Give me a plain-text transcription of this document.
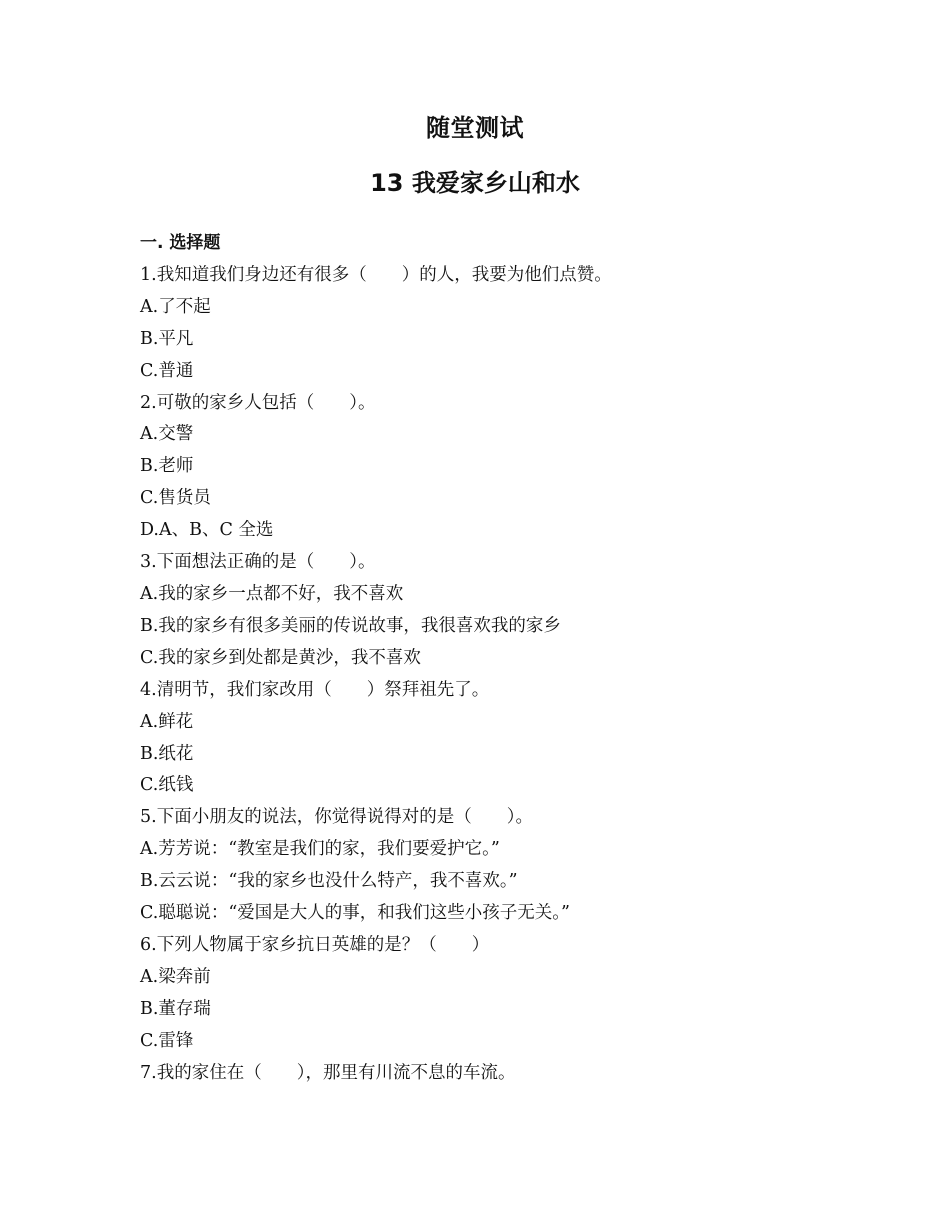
随堂测试
13 我爱家乡山和水
一. 选择题
1.我知道我们身边还有很多（　　）的人，我要为他们点赞。
A.了不起
B.平凡
C.普通
2.可敬的家乡人包括（　　）。
A.交警
B.老师
C.售货员
D.A、B、C 全选
3.下面想法正确的是（　　）。
A.我的家乡一点都不好，我不喜欢
B.我的家乡有很多美丽的传说故事，我很喜欢我的家乡
C.我的家乡到处都是黄沙，我不喜欢
4.清明节，我们家改用（　　）祭拜祖先了。
A.鲜花
B.纸花
C.纸钱
5.下面小朋友的说法，你觉得说得对的是（　　）。
A.芳芳说：“教室是我们的家，我们要爱护它。”
B.云云说：“我的家乡也没什么特产，我不喜欢。”
C.聪聪说：“爱国是大人的事，和我们这些小孩子无关。”
6.下列人物属于家乡抗日英雄的是？（　　）
A.梁奔前
B.董存瑞
C.雷锋
7.我的家住在（　　），那里有川流不息的车流。
